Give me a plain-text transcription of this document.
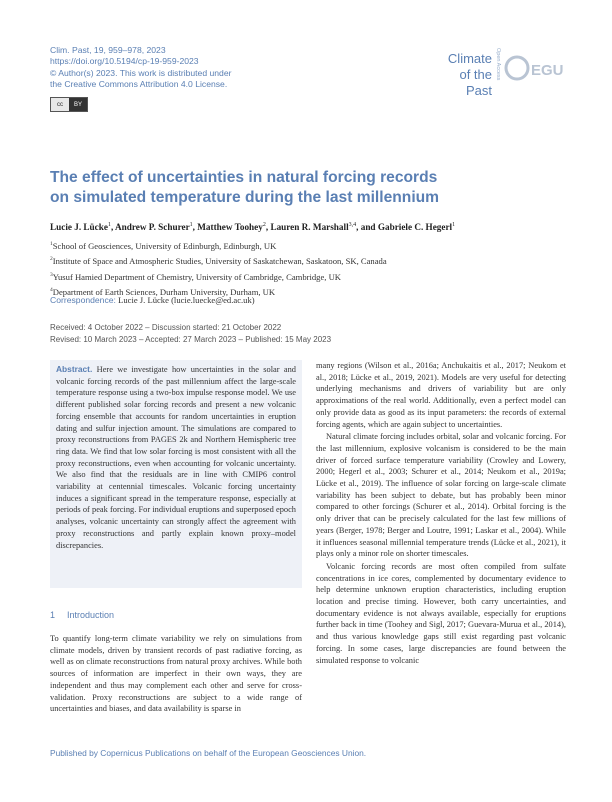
Clim. Past, 19, 959–978, 2023
https://doi.org/10.5194/cp-19-959-2023
© Author(s) 2023. This work is distributed under
the Creative Commons Attribution 4.0 License.
cc	BY
Climate
of the Past
Open Access EGU
The effect of uncertainties in natural forcing records
on simulated temperature during the last millennium
Lucie J. Lücke$^1$, Andrew P. Schurer$^1$, Matthew Toohey$^2$, Lauren R. Marshall$^{3,4}$, and Gabriele C. Hegerl$^1$
$^1$School of Geosciences, University of Edinburgh, Edinburgh, UK
$^2$Institute of Space and Atmospheric Studies, University of Saskatchewan, Saskatoon, SK, Canada
$^3$Yusuf Hamied Department of Chemistry, University of Cambridge, Cambridge, UK
$^4$Department of Earth Sciences, Durham University, Durham, UK
Correspondence: Lucie J. Lücke (lucie.luecke@ed.ac.uk)
Received: 4 October 2022 – Discussion started: 21 October 2022
Revised: 10 March 2023 – Accepted: 27 March 2023 – Published: 15 May 2023

Abstract. Here we investigate how uncertainties in the solar and volcanic forcing records of the past millennium affect the large-scale temperature response using a two-box impulse response model. We use different published solar forcing records and present a new volcanic forcing ensemble that accounts for random uncertainties in eruption dating and sulfur injection amount. The simulations are compared to proxy reconstructions from PAGES 2k and Northern Hemispheric tree ring data. We find that low solar forcing is most consistent with all the proxy reconstructions, even when accounting for volcanic uncertainty. We also find that the residuals are in line with CMIP6 control variability at centennial timescales. Volcanic forcing uncertainty induces a significant spread in the temperature response, especially at periods of peak forcing. For individual eruptions and superposed epoch analyses, volcanic uncertainty can strongly affect the agreement with proxy reconstructions and partly explain known proxy–model discrepancies.

1 Introduction

To quantify long-term climate variability we rely on simulations from climate models, driven by transient records of past radiative forcing, as well as on climate reconstructions from natural proxy archives. While both sources of information are imperfect in their own ways, they are independent and thus may complement each other and serve for cross-validation. Proxy reconstructions are subject to a wide range of uncertainties and biases, and data availability is sparse in

many regions (Wilson et al., 2016a; Anchukaitis et al., 2017; Neukom et al., 2018; Lücke et al., 2019, 2021). Models are very useful for detecting underlying mechanisms and drivers of variability but are only approximations of the real world. Additionally, even a perfect model can only provide data as good as its input parameters: the records of external forcing agents, which are again subject to uncertainties.

Natural climate forcing includes orbital, solar and volcanic forcing. For the last millennium, explosive volcanism is considered to be the main driver of forced surface temperature variability (Crowley and Lowery, 2000; Hegerl et al., 2003; Schurer et al., 2014; Neukom et al., 2019a; Lücke et al., 2019). The influence of solar forcing on large-scale climate variability has been subject to debate, but has probably been minor compared to other forcings (Schurer et al., 2014). Orbital forcing is the only driver that can be precisely calculated for the last few millions of years (Berger, 1978; Berger and Loutre, 1991; Laskar et al., 2004). While it influences seasonal millennial temperature trends (Lücke et al., 2021), it plays only a minor role on shorter timescales.

Volcanic forcing records are most often compiled from sulfate concentrations in ice cores, complemented by documentary evidence to help determine unknown eruption characteristics, including eruption location and precise timing. However, both carry uncertainties, and documentary evidence is not always available, especially for eruptions further back in time (Toohey and Sigl, 2017; Guevara-Murua et al., 2014), and thus various knowledge gaps still exist regarding past volcanic forcing. In some cases, large discrepancies are found between the simulated response to volcanic

Published by Copernicus Publications on behalf of the European Geosciences Union.
